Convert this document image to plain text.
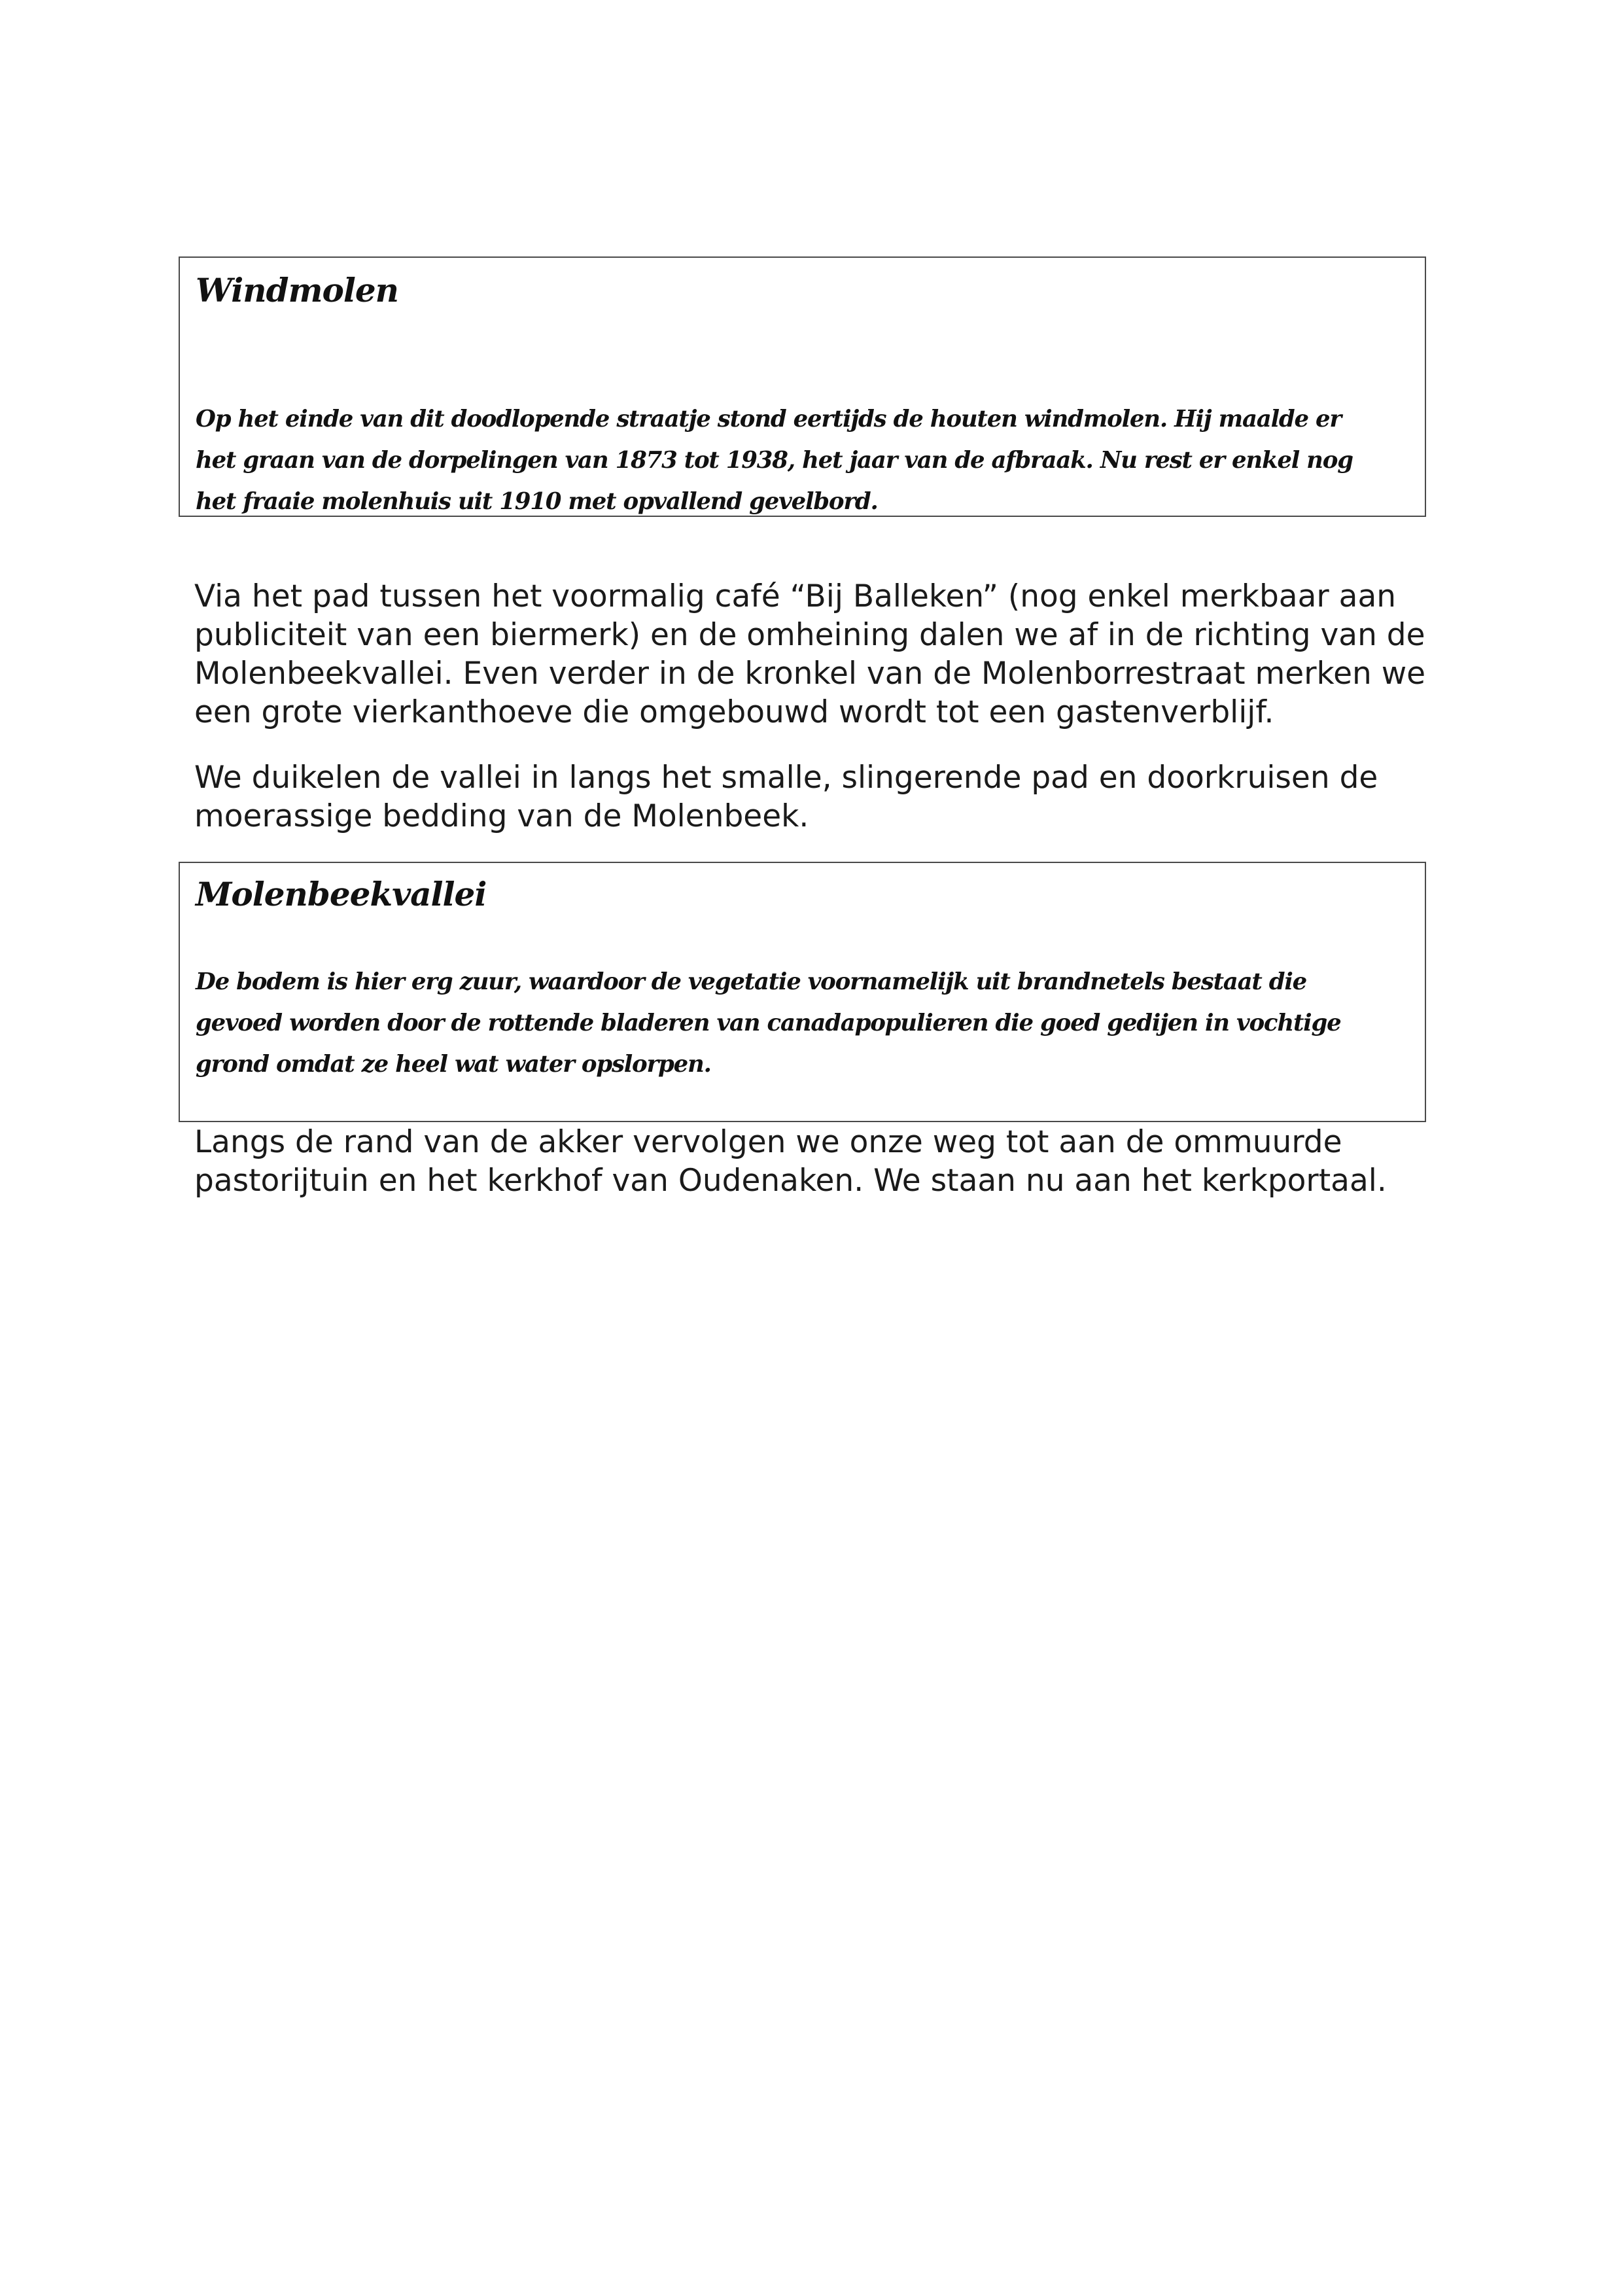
Windmolen
Op het einde van dit doodlopende straatje stond eertijds de houten windmolen. Hij maalde er
het graan van de dorpelingen van 1873 tot 1938, het jaar van de afbraak. Nu rest er enkel nog
het fraaie molenhuis uit 1910 met opvallend gevelbord.
Via het pad tussen het voormalig café “Bij Balleken” (nog enkel merkbaar aan
publiciteit van een biermerk) en de omheining dalen we af in de richting van de
Molenbeekvallei. Even verder in de kronkel van de Molenborrestraat merken we
een grote vierkanthoeve die omgebouwd wordt tot een gastenverblijf.
We duikelen de vallei in langs het smalle, slingerende pad en doorkruisen de
moerassige bedding van de Molenbeek.
Molenbeekvallei
De bodem is hier erg zuur, waardoor de vegetatie voornamelijk uit brandnetels bestaat die
gevoed worden door de rottende bladeren van canadapopulieren die goed gedijen in vochtige
grond omdat ze heel wat water opslorpen.
Langs de rand van de akker vervolgen we onze weg tot aan de ommuurde
pastorijtuin en het kerkhof van Oudenaken. We staan nu aan het kerkportaal.
